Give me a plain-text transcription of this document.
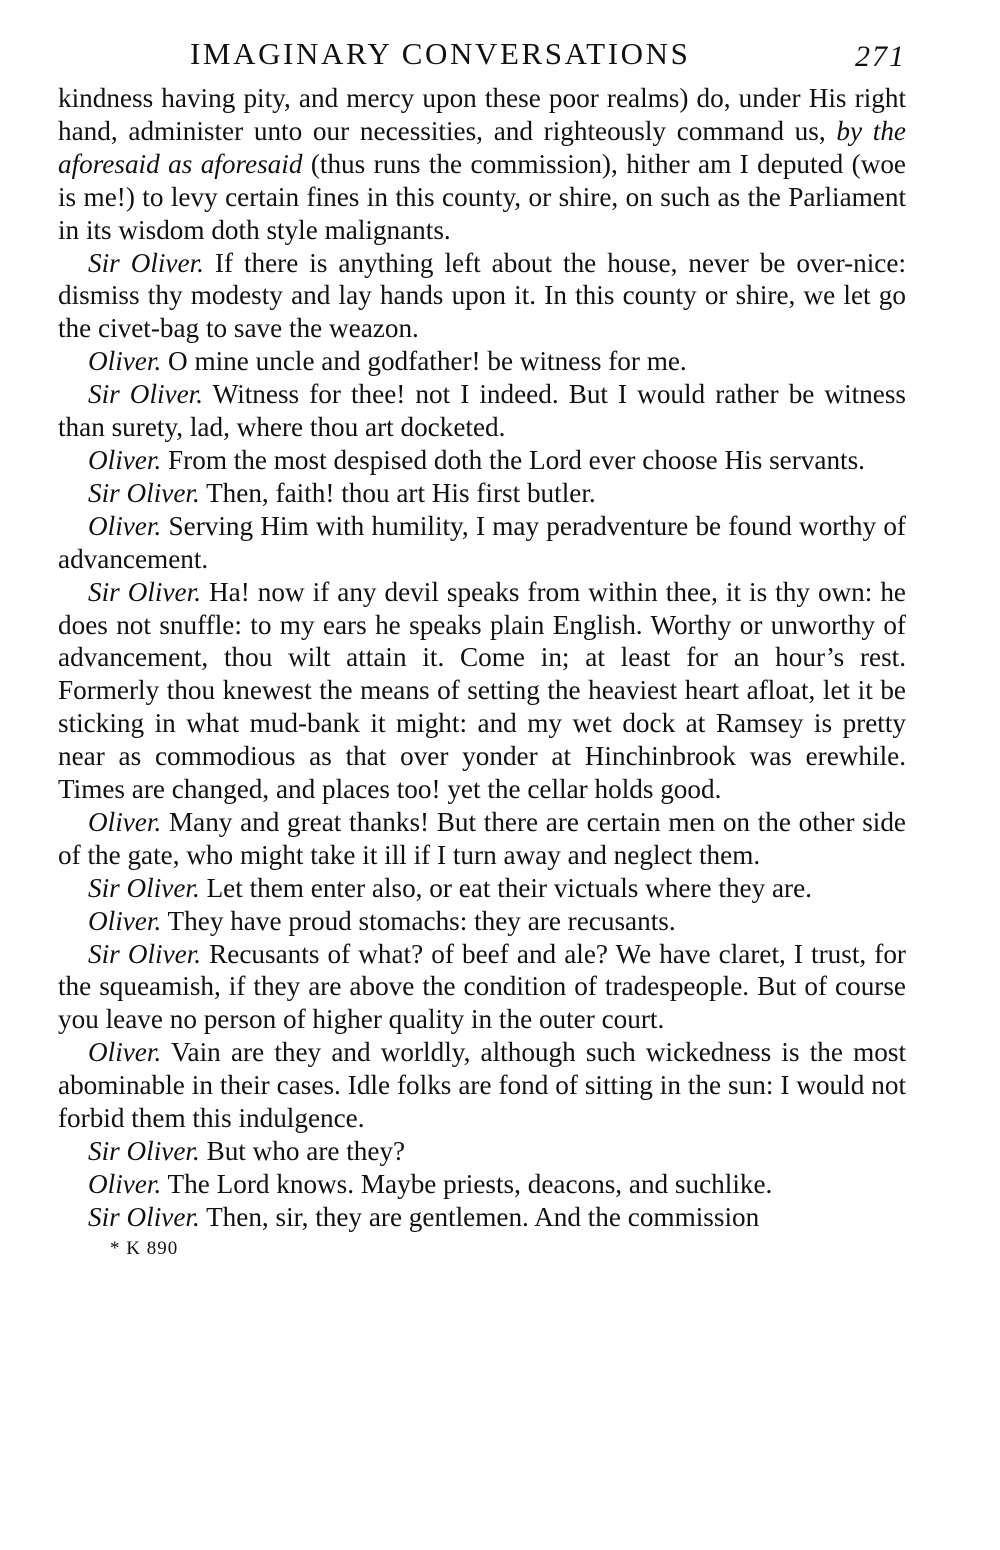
IMAGINARY CONVERSATIONS	271

kindness having pity, and mercy upon these poor realms) do, under His right hand, administer unto our necessities, and righteously command us, by the aforesaid as aforesaid (thus runs the commission), hither am I deputed (woe is me!) to levy certain fines in this county, or shire, on such as the Parliament in its wisdom doth style malignants.

Sir Oliver. If there is anything left about the house, never be over-nice: dismiss thy modesty and lay hands upon it. In this county or shire, we let go the civet-bag to save the weazon.

Oliver. O mine uncle and godfather! be witness for me.

Sir Oliver. Witness for thee! not I indeed. But I would rather be witness than surety, lad, where thou art docketed.

Oliver. From the most despised doth the Lord ever choose His servants.

Sir Oliver. Then, faith! thou art His first butler.

Oliver. Serving Him with humility, I may peradventure be found worthy of advancement.

Sir Oliver. Ha! now if any devil speaks from within thee, it is thy own: he does not snuffle: to my ears he speaks plain English. Worthy or unworthy of advancement, thou wilt attain it. Come in; at least for an hour’s rest. Formerly thou knewest the means of setting the heaviest heart afloat, let it be sticking in what mud-bank it might: and my wet dock at Ramsey is pretty near as commodious as that over yonder at Hinchinbrook was erewhile. Times are changed, and places too! yet the cellar holds good.

Oliver. Many and great thanks! But there are certain men on the other side of the gate, who might take it ill if I turn away and neglect them.

Sir Oliver. Let them enter also, or eat their victuals where they are.

Oliver. They have proud stomachs: they are recusants.

Sir Oliver. Recusants of what? of beef and ale? We have claret, I trust, for the squeamish, if they are above the condition of tradespeople. But of course you leave no person of higher quality in the outer court.

Oliver. Vain are they and worldly, although such wickedness is the most abominable in their cases. Idle folks are fond of sitting in the sun: I would not forbid them this indulgence.

Sir Oliver. But who are they?

Oliver. The Lord knows. Maybe priests, deacons, and suchlike.

Sir Oliver. Then, sir, they are gentlemen. And the commission

* K 890
